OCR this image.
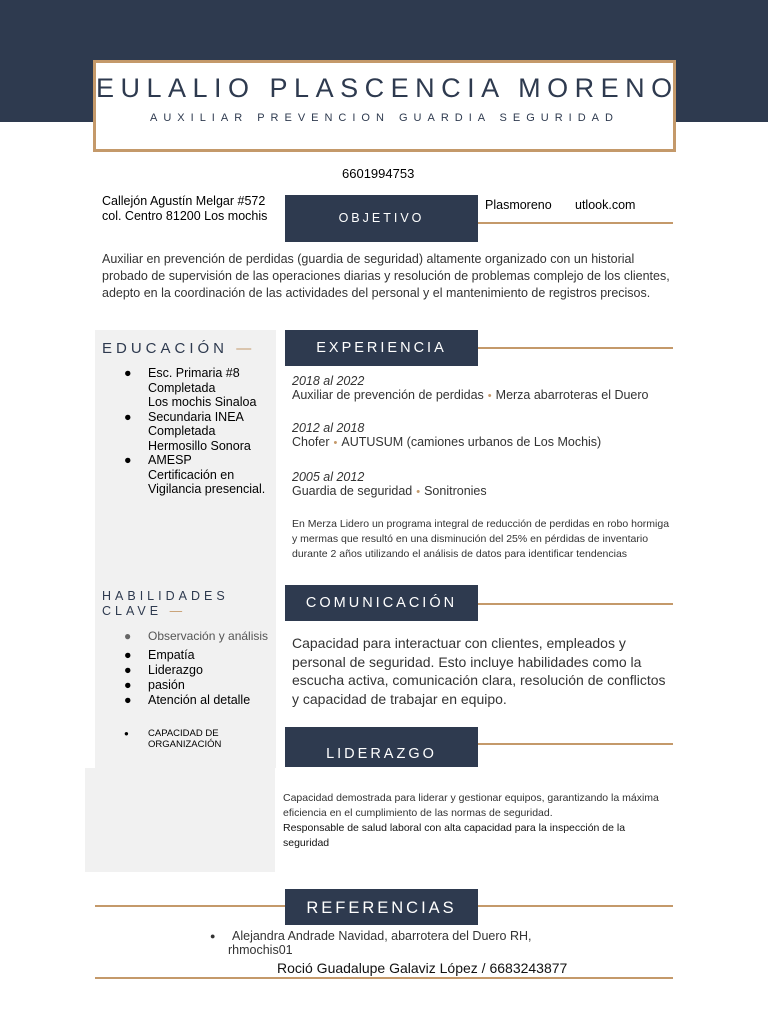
EULALIO PLASCENCIA MORENO
AUXILIAR PREVENCION GUARDIA SEGURIDAD
6601994753
Callejón Agustín Melgar #572
col. Centro 81200 Los mochis
Plasmoreno utlook.com
OBJETIVO
Auxiliar en prevención de perdidas (guardia de seguridad) altamente organizado con un historial probado de supervisión de las operaciones diarias y resolución de problemas complejo de los clientes, adepto en la coordinación de las actividades del personal y el mantenimiento de registros precisos.
EDUCACIÓN —
● Esc. Primaria #8
Completada
Los mochis Sinaloa
● Secundaria INEA
Completada
Hermosillo Sonora
● AMESP
Certificación en
Vigilancia presencial.
EXPERIENCIA
2018 al 2022
Auxiliar de prevención de perdidas • Merza abarroteras el Duero
2012 al 2018
Chofer • AUTUSUM (camiones urbanos de Los Mochis)
2005 al 2012
Guardia de seguridad • Sonitronies
En Merza Lidero un programa integral de reducción de perdidas en robo hormiga y mermas que resultó en una disminución del 25% en pérdidas de inventario durante 2 años utilizando el análisis de datos para identificar tendencias
HABILIDADES
CLAVE —
● Observación y análisis
● Empatía
● Liderazgo
● pasión
● Atención al detalle
● CAPACIDAD DE
ORGANIZACIÓN
COMUNICACIÓN
Capacidad para interactuar con clientes, empleados y personal de seguridad. Esto incluye habilidades como la escucha activa, comunicación clara, resolución de conflictos y capacidad de trabajar en equipo.
LIDERAZGO
Capacidad demostrada para liderar y gestionar equipos, garantizando la máxima eficiencia en el cumplimiento de las normas de seguridad.
Responsable de salud laboral con alta capacidad para la inspección de la seguridad
REFERENCIAS
●	Alejandra Andrade Navidad, abarrotera del Duero RH,
rhmochis01
Roció Guadalupe Galaviz López / 6683243877
